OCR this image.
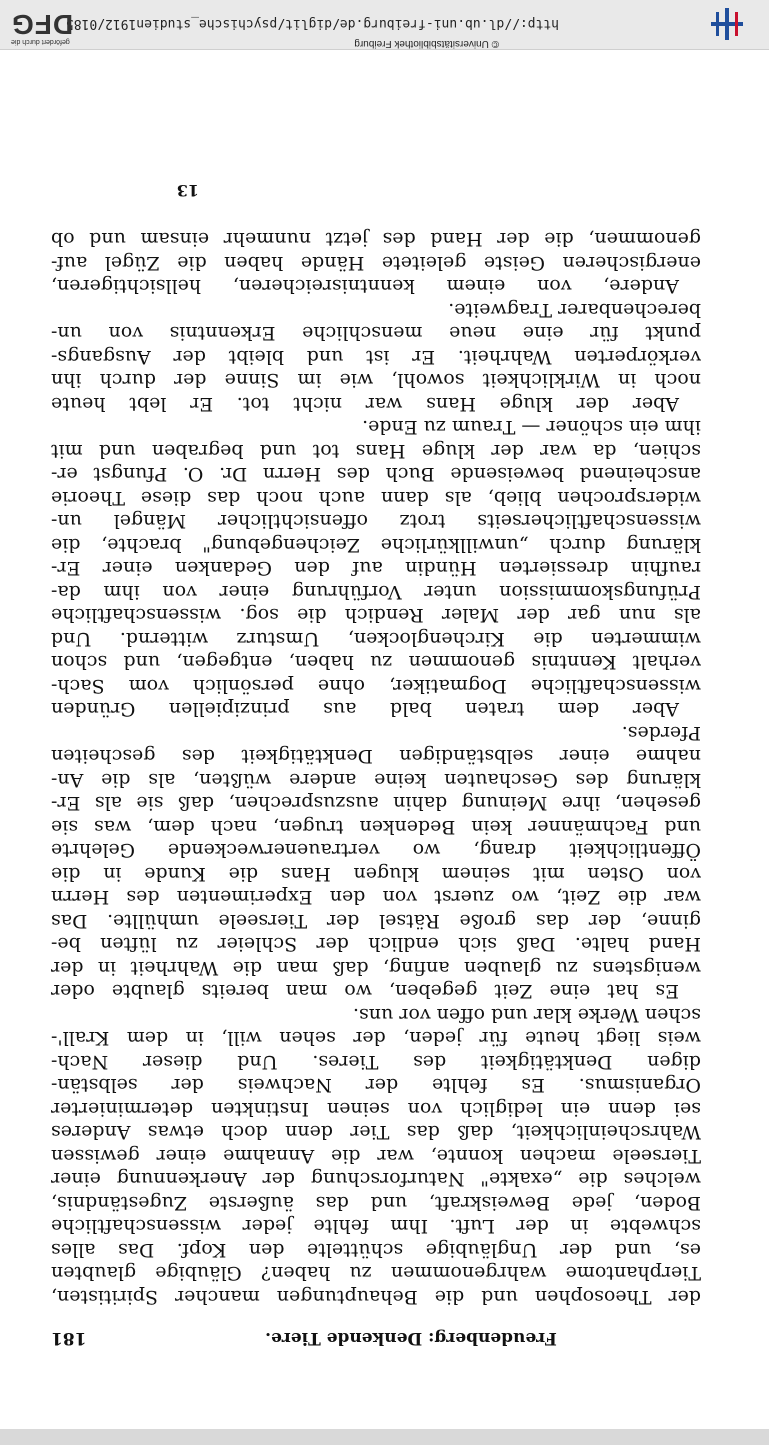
Freudenberg: Denkende Tiere.
181
der Theosophen und die Behauptungen mancher Spiritisten,
Tierphantome wahrgenommen zu haben? Gläubige glaubten
es, und der Ungläubige schüttelte den Kopf. Das alles
schwebte in der Luft. Ihm fehlte jeder wissenschaftliche
Boden, jede Beweiskraft, und das äußerste Zugeständnis,
welches die „exakte" Naturforschung der Anerkennung einer
Tierseele machen konnte, war die Annahme einer gewissen
Wahrscheinlichkeit, daß das Tier denn doch etwas Anderes
sei denn ein lediglich von seinen Instinkten determinierter
Organismus. Es fehlte der Nachweis der selbstän-
digen Denktätigkeit des Tieres. Und dieser Nach-
weis liegt heute für jeden, der sehen will, in dem Krall'-
schen Werke klar und offen vor uns.
Es hat eine Zeit gegeben, wo man bereits glaubte oder
wenigstens zu glauben anfing, daß man die Wahrheit in der
Hand halte. Daß sich endlich der Schleier zu lüften be-
ginne, der das große Rätsel der Tierseele umhüllte. Das
war die Zeit, wo zuerst von den Experimenten des Herrn
von Osten mit seinem klugen Hans die Kunde in die
Öffentlichkeit drang, wo vertrauenerweckende Gelehrte
und Fachmänner kein Bedenken trugen, nach dem, was sie
gesehen, ihre Meinung dahin auszusprechen, daß sie als Er-
klärung des Geschauten keine andere wüßten, als die An-
nahme einer selbständigen Denktätigkeit des gescheiten
Pferdes.
Aber dem traten bald aus prinzipiellen Gründen
wissenschaftliche Dogmatiker, ohne persönlich vom Sach-
verhalt Kenntnis genommen zu haben, entgegen, und schon
wimmerten die Kirchenglocken, Umsturz witternd. Und
als nun gar der Maler Rendich die sog. wissenschaftliche
Prüfungskommission unter Vorführung einer von ihm da-
raufhin dressierten Hündin auf den Gedanken einer Er-
klärung durch „unwillkürliche Zeichengebung" brachte, die
wissenschaftlicherseits trotz offensichtlicher Mängel un-
widersprochen blieb, als dann auch noch das diese Theorie
anscheinend beweisende Buch des Herrn Dr. O. Pfungst er-
schien, da war der kluge Hans tot und begraben und mit
ihm ein schöner — Traum zu Ende.
Aber der kluge Hans war nicht tot. Er lebt heute
noch in Wirklichkeit sowohl, wie im Sinne der durch ihn
verkörperten Wahrheit. Er ist und bleibt der Ausgangs-
punkt für eine neue menschliche Erkenntnis von un-
berechenbarer Tragweite.
Andere, von einem kenntnisreicheren, hellsichtigeren,
energischeren Geiste geleitete Hände haben die Zügel auf-
genommen, die der Hand des jetzt nunmehr einsam und ob
13
© Universitätsbibliothek Freiburg
http://dl.ub.uni-freiburg.de/diglit/psychische_studien1912/0185
gefördert durch die
DFG
